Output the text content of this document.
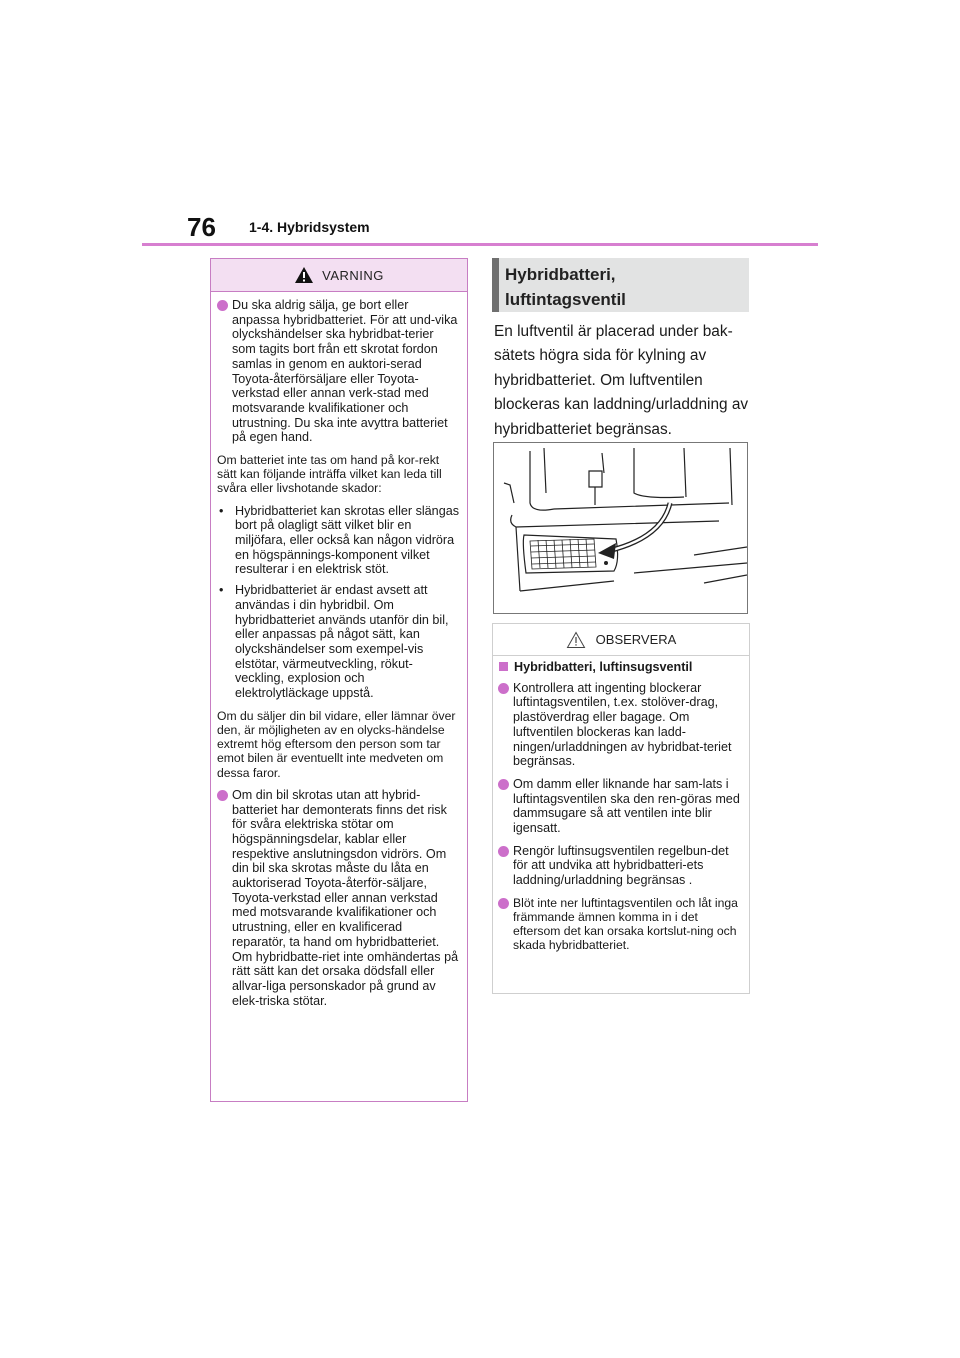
76 1-4. Hybridsystem
VARNING
Du ska aldrig sälja, ge bort eller anpassa hybridbatteriet. För att und-vika olyckshändelser ska hybridbat-terier som tagits bort från ett skrotat fordon samlas in genom en auktori-serad Toyota-återförsäljare eller Toyota-verkstad eller annan verk-stad med motsvarande kvalifikationer och utrustning. Du ska inte avyttra batteriet på egen hand.

Om batteriet inte tas om hand på kor-rekt sätt kan följande inträffa vilket kan leda till svåra eller livshotande skador:

• Hybridbatteriet kan skrotas eller slängas bort på olagligt sätt vilket blir en miljöfara, eller också kan någon vidröra en högspännings-komponent vilket resulterar i en elektrisk stöt.
• Hybridbatteriet är endast avsett att användas i din hybridbil. Om hybridbatteriet används utanför din bil, eller anpassas på något sätt, kan olyckshändelser som exempel-vis elstötar, värmeutveckling, rökut-veckling, explosion och elektrolytläckage uppstå.

Om du säljer din bil vidare, eller lämnar över den, är möjligheten av en olycks-händelse extremt hög eftersom den person som tar emot bilen är eventuellt inte medveten om dessa faror.

Om din bil skrotas utan att hybrid-batteriet har demonterats finns det risk för svåra elektriska stötar om högspänningsdelar, kablar eller respektive anslutningsdon vidrörs. Om din bil ska skrotas måste du låta en auktoriserad Toyota-återför-säljare, Toyota-verkstad eller annan verkstad med motsvarande kvalifikationer och utrustning, eller en kvalificerad reparatör, ta hand om hybridbatteriet. Om hybridbatte-riet inte omhändertas på rätt sätt kan det orsaka dödsfall eller allvar-liga personskador på grund av elek-triska stötar.
Hybridbatteri,
luftintagsventil
En luftventil är placerad under bak-sätets högra sida för kylning av hybridbatteriet. Om luftventilen blockeras kan laddning/urladdning av hybridbatteriet begränsas.
OBSERVERA
Hybridbatteri, luftinsugsventil
Kontrollera att ingenting blockerar luftintagsventilen, t.ex. stolöver-drag, plastöverdrag eller bagage. Om luftventilen blockeras kan ladd-ningen/urladdningen av hybridbat-teriet begränsas.
Om damm eller liknande har sam-lats i luftintagsventilen ska den ren-göras med dammsugare så att ventilen inte blir igensatt.
Rengör luftinsugsventilen regelbun-det för att undvika att hybridbatteri-ets laddning/urladdning begränsas .
Blöt inte ner luftintagsventilen och låt inga främmande ämnen komma in i det eftersom det kan orsaka kortslut-ning och skada hybridbatteriet.
